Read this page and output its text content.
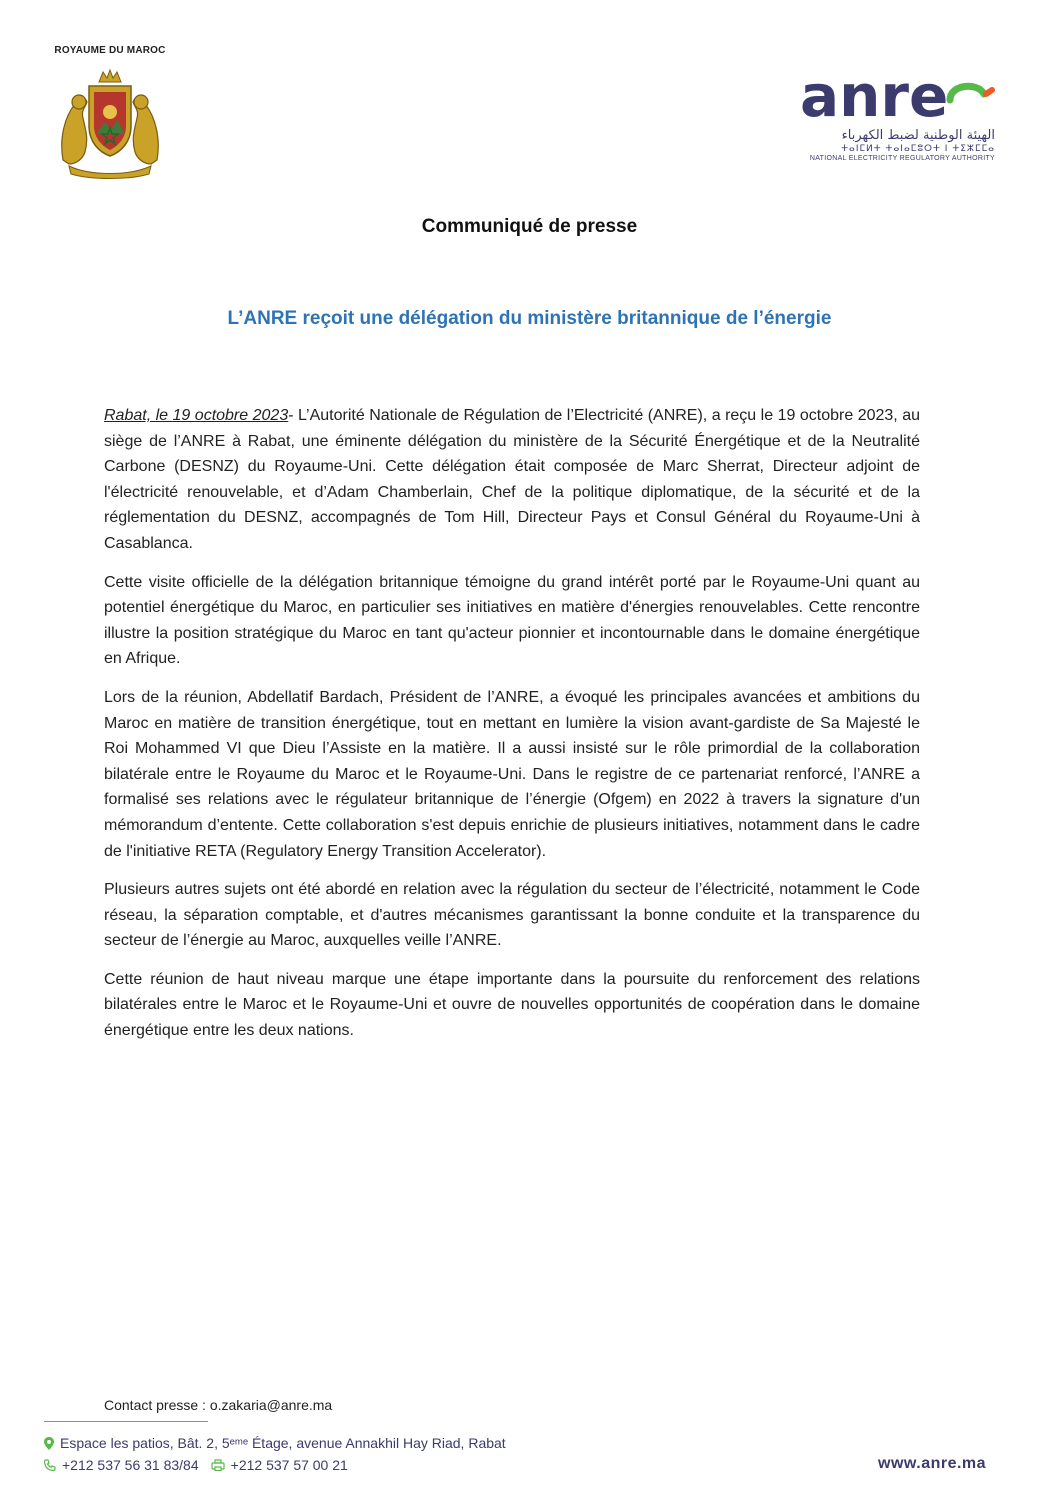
ROYAUME DU MAROC
anre
الهيئة الوطنية لضبط الكهرباء
ⵜⴰⵏⵎⵍⵜ ⵜⴰⵏⴰⵎⵓⵔⵜ ⵏ ⵜⵉⵣⵎⵎⴰ
NATIONAL ELECTRICITY REGULATORY AUTHORITY
Communiqué de presse
L’ANRE reçoit une délégation du ministère britannique de l’énergie

Rabat, le 19 octobre 2023- L’Autorité Nationale de Régulation de l’Electricité (ANRE), a reçu le 19 octobre 2023, au siège de l’ANRE à Rabat, une éminente délégation du ministère de la Sécurité Énergétique et de la Neutralité Carbone (DESNZ) du Royaume-Uni. Cette délégation était composée de Marc Sherrat, Directeur adjoint de l'électricité renouvelable, et d’Adam Chamberlain, Chef de la politique diplomatique, de la sécurité et de la réglementation du DESNZ, accompagnés de Tom Hill, Directeur Pays et Consul Général du Royaume-Uni à Casablanca.

Cette visite officielle de la délégation britannique témoigne du grand intérêt porté par le Royaume-Uni quant au potentiel énergétique du Maroc, en particulier ses initiatives en matière d'énergies renouvelables. Cette rencontre illustre la position stratégique du Maroc en tant qu'acteur pionnier et incontournable dans le domaine énergétique en Afrique.

Lors de la réunion, Abdellatif Bardach, Président de l’ANRE, a évoqué les principales avancées et ambitions du Maroc en matière de transition énergétique, tout en mettant en lumière la vision avant-gardiste de Sa Majesté le Roi Mohammed VI que Dieu l’Assiste en la matière. Il a aussi insisté sur le rôle primordial de la collaboration bilatérale entre le Royaume du Maroc et le Royaume-Uni. Dans le registre de ce partenariat renforcé, l’ANRE a formalisé ses relations avec le régulateur britannique de l’énergie (Ofgem) en 2022 à travers la signature d'un mémorandum d’entente. Cette collaboration s'est depuis enrichie de plusieurs initiatives, notamment dans le cadre de l'initiative RETA (Regulatory Energy Transition Accelerator).

Plusieurs autres sujets ont été abordé en relation avec la régulation du secteur de l’électricité, notamment le Code réseau, la séparation comptable, et d'autres mécanismes garantissant la bonne conduite et la transparence du secteur de l’énergie au Maroc, auxquelles veille l’ANRE.

Cette réunion de haut niveau marque une étape importante dans la poursuite du renforcement des relations bilatérales entre le Maroc et le Royaume-Uni et ouvre de nouvelles opportunités de coopération dans le domaine énergétique entre les deux nations.

Contact presse : o.zakaria@anre.ma
Espace les patios, Bât. 2, 5ᵉᵐᵉ Étage, avenue Annakhil Hay Riad, Rabat
+212 537 56 31 83/84 +212 537 57 00 21	www.anre.ma
